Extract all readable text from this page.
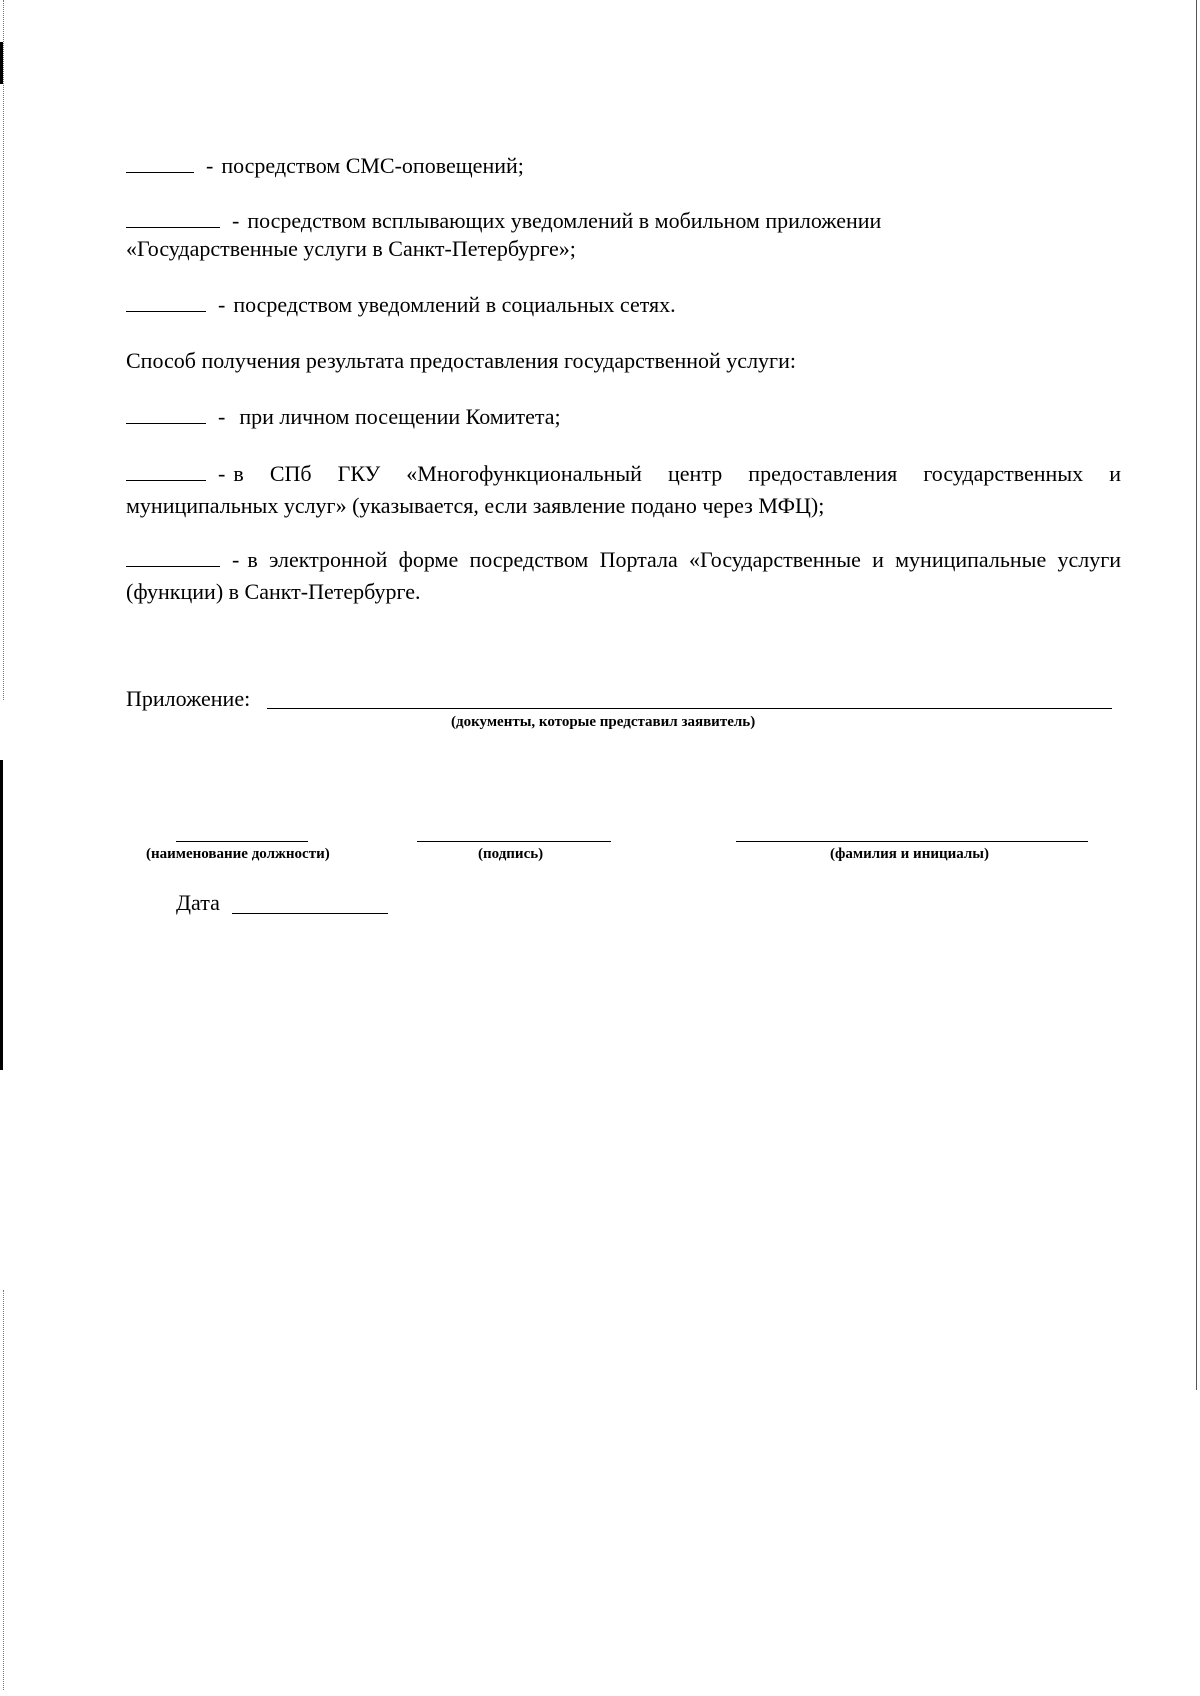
- посредством СМС-оповещений;
- посредством всплывающих уведомлений в мобильном приложении
«Государственные услуги в Санкт-Петербурге»;
- посредством уведомлений в социальных сетях.
Способ получения результата предоставления государственной услуги:
- при личном посещении Комитета;
- в СПб ГКУ «Многофункциональный центр предоставления государственных и муниципальных услуг» (указывается, если заявление подано через МФЦ);
- в электронной форме посредством Портала «Государственные и муниципальные услуги (функции) в Санкт-Петербурге.
Приложение:
(документы, которые представил заявитель)
(наименование должности)	(подпись)	(фамилия и инициалы)
Дата
